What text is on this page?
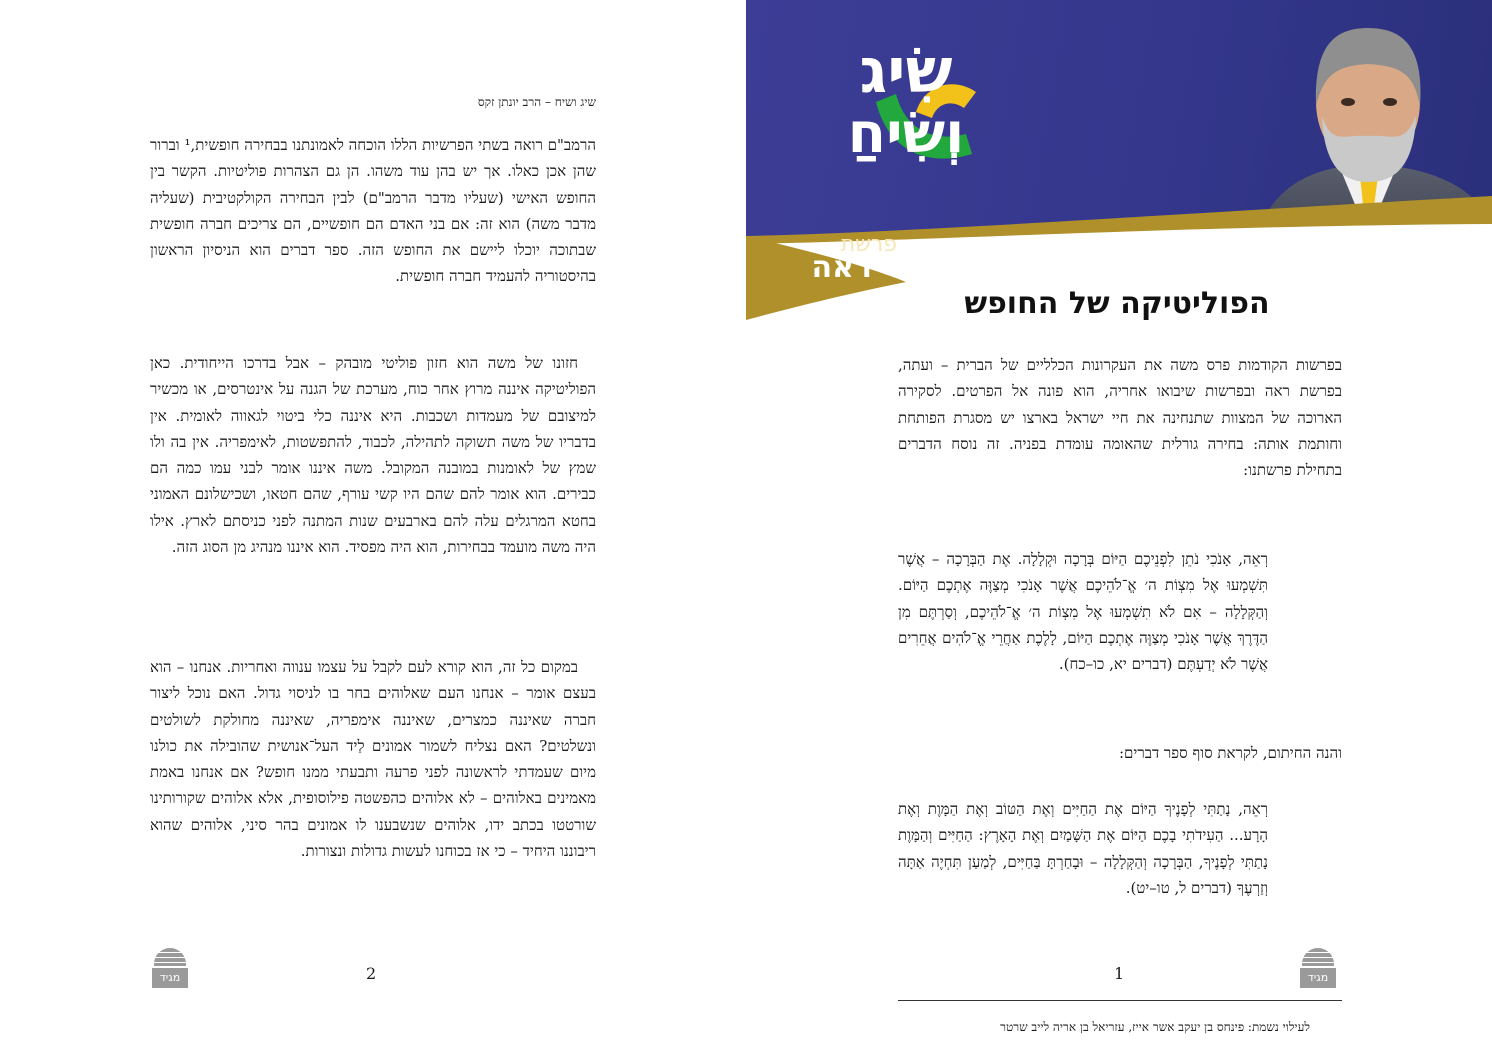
שיג ושיח – הרב יונתן זקס

הרמב"ם רואה בשתי הפרשיות הללו הוכחה לאמונתנו בבחירה חופשית,¹ וברור שהן אכן כאלו. אך יש בהן עוד משהו. הן גם הצהרות פוליטיות. הקשר בין החופש האישי (שעליו מדבר הרמב"ם) לבין הבחירה הקולקטיבית (שעליה מדבר משה) הוא זה: אם בני האדם הם חופשיים, הם צריכים חברה חופשית שבתוכה יוכלו ליישם את החופש הזה. ספר דברים הוא הניסיון הראשון בהיסטוריה להעמיד חברה חופשית.

חזונו של משה הוא חזון פוליטי מובהק – אבל בדרכו הייחודית. כאן הפוליטיקה איננה מרוץ אחר כוח, מערכת של הגנה על אינטרסים, או מכשיר למיצובם של מעמדות ושכבות. היא איננה כלי ביטוי לגאווה לאומית. אין בדבריו של משה תשוקה לתהילה, לכבוד, להתפשטות, לאימפריה. אין בה ולו שמץ של לאומנות במובנה המקובל. משה איננו אומר לבני עמו כמה הם כבירים. הוא אומר להם שהם היו קשי עורף, שהם חטאו, ושכישלונם האמוני בחטא המרגלים עלה להם בארבעים שנות המתנה לפני כניסתם לארץ. אילו היה משה מועמד בבחירות, הוא היה מפסיד. הוא איננו מנהיג מן הסוג הזה.

במקום כל זה, הוא קורא לעם לקבל על עצמו ענווה ואחריות. אנחנו – הוא בעצם אומר – אנחנו העם שאלוהים בחר בו לניסוי גדול. האם נוכל ליצור חברה שאיננה כמצרים, שאיננה אימפריה, שאיננה מחולקת לשולטים ונשלטים? האם נצליח לשמור אמונים לַיד העל־אנושית שהובילה את כולנו מיום שעמדתי לראשונה לפני פרעה ותבעתי ממנו חופש? אם אנחנו באמת מאמינים באלוהים – לא אלוהים כהפשטה פילוסופית, אלא אלוהים שקורותינו שורטטו בכתב ידו, אלוהים שנשבענו לו אמונים בהר סיני, אלוהים שהוא ריבוננו היחיד – כי אז בכוחנו לעשות גדולות ונצורות.

2
מגיד
שִׂיג
וְשִׂיחַ
פרשת
ראה
הפוליטיקה של החופש

בפרשות הקודמות פרס משה את העקרונות הכלליים של הברית – ועתה, בפרשת ראה ובפרשות שיבואו אחריה, הוא פונה אל הפרטים. לסקירה הארוכה של המצוות שתנחינה את חיי ישראל בארצו יש מסגרת הפותחת וחותמת אותה: בחירה גורלית שהאומה עומדת בפניה. זה נוסח הדברים בתחילת פרשתנו:

רְאֵה, אָנֹכִי נֹתֵן לִפְנֵיכֶם הַיּוֹם בְּרָכָה וּקְלָלָה. אֶת הַבְּרָכָה – אֲשֶׁר תִּשְׁמְעוּ אֶל מִצְוֹת ה׳ אֱ־לֹהֵיכֶם אֲשֶׁר אָנֹכִי מְצַוֶּה אֶתְכֶם הַיּוֹם. וְהַקְּלָלָה – אִם לֹא תִשְׁמְעוּ אֶל מִצְוֹת ה׳ אֱ־לֹהֵיכֶם, וְסַרְתֶּם מִן הַדֶּרֶךְ אֲשֶׁר אָנֹכִי מְצַוֶּה אֶתְכֶם הַיּוֹם, לָלֶכֶת אַחֲרֵי אֱ־לֹהִים אֲחֵרִים אֲשֶׁר לֹא יְדַעְתֶּם (דברים יא, כו–כח).

והנה החיתום, לקראת סוף ספר דברים:

רְאֵה, נָתַתִּי לְפָנֶיךָ הַיּוֹם אֶת הַחַיִּים וְאֶת הַטּוֹב וְאֶת הַמָּוֶת וְאֶת הָרָע... הַעִידֹתִי בָכֶם הַיּוֹם אֶת הַשָּׁמַיִם וְאֶת הָאָרֶץ: הַחַיִּים וְהַמָּוֶת נָתַתִּי לְפָנֶיךָ, הַבְּרָכָה וְהַקְּלָלָה – וּבָחַרְתָּ בַּחַיִּים, לְמַעַן תִּחְיֶה אַתָּה וְזַרְעֶךָ (דברים ל, טו–יט).

1	מגיד
לעילוי נשמת: פינחס בן יעקב אשר אייז, עזריאל בן אריה לייב שרטר
